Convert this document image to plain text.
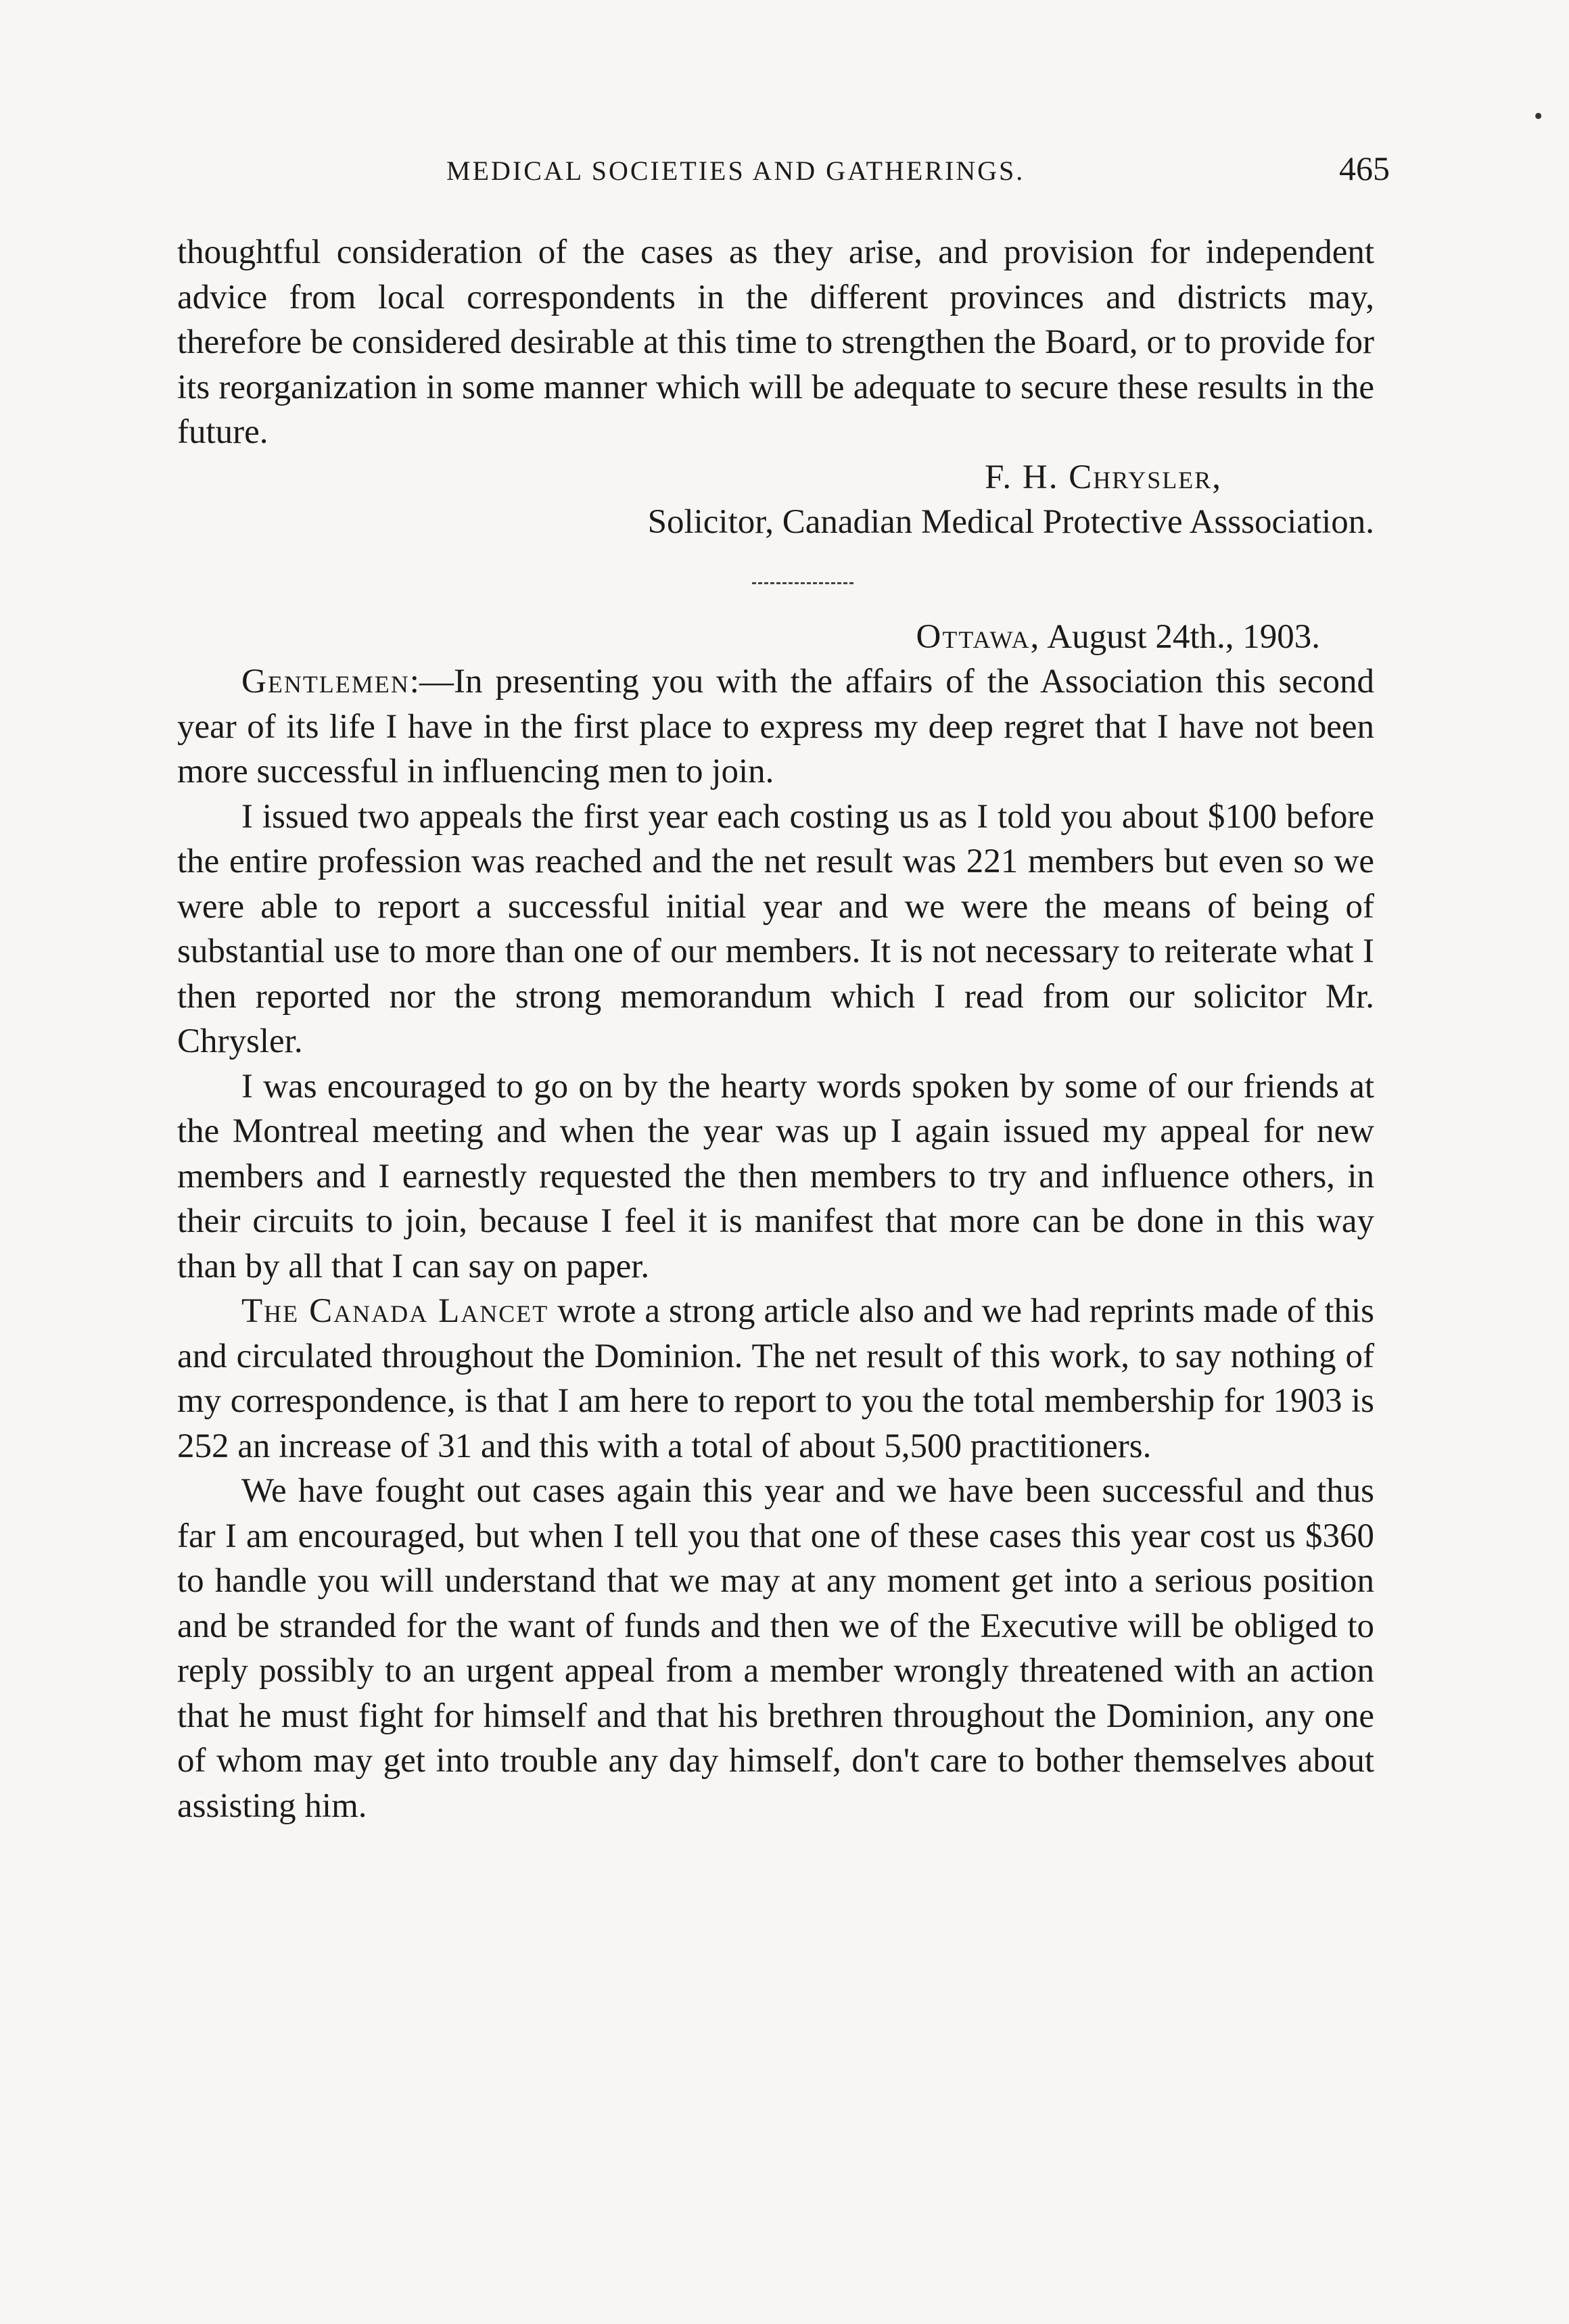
MEDICAL SOCIETIES AND GATHERINGS.	465

thoughtful consideration of the cases as they arise, and provision for independent advice from local correspondents in the different provinces and districts may, therefore be considered desirable at this time to strengthen the Board, or to provide for its reorganization in some manner which will be adequate to secure these results in the future.

F. H. Chrysler,

Solicitor, Canadian Medical Protective Asssociation.

Ottawa, August 24th., 1903.

Gentlemen:—In presenting you with the affairs of the Association this second year of its life I have in the first place to express my deep regret that I have not been more successful in influencing men to join.

I issued two appeals the first year each costing us as I told you about $100 before the entire profession was reached and the net result was 221 members but even so we were able to report a successful initial year and we were the means of being of substantial use to more than one of our members. It is not necessary to reiterate what I then reported nor the strong memorandum which I read from our solicitor Mr. Chrysler.

I was encouraged to go on by the hearty words spoken by some of our friends at the Montreal meeting and when the year was up I again issued my appeal for new members and I earnestly requested the then members to try and influence others, in their circuits to join, because I feel it is manifest that more can be done in this way than by all that I can say on paper.

The Canada Lancet wrote a strong article also and we had reprints made of this and circulated throughout the Dominion. The net result of this work, to say nothing of my correspondence, is that I am here to report to you the total membership for 1903 is 252 an increase of 31 and this with a total of about 5,500 practitioners.

We have fought out cases again this year and we have been successful and thus far I am encouraged, but when I tell you that one of these cases this year cost us $360 to handle you will understand that we may at any moment get into a serious position and be stranded for the want of funds and then we of the Executive will be obliged to reply possibly to an urgent appeal from a member wrongly threatened with an action that he must fight for himself and that his brethren throughout the Dominion, any one of whom may get into trouble any day himself, don't care to bother themselves about assisting him.

•
